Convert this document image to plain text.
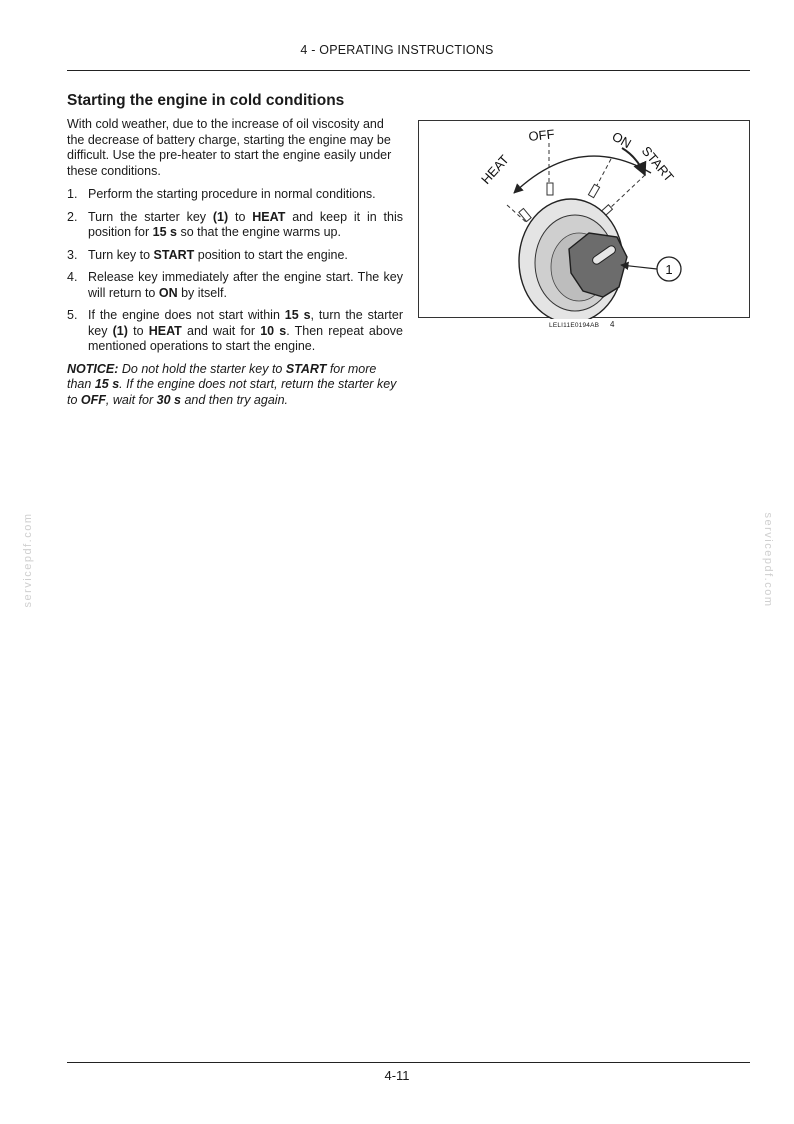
4 - OPERATING INSTRUCTIONS
Starting the engine in cold conditions

With cold weather, due to the increase of oil viscosity and the decrease of battery charge, starting the engine may be difficult. Use the pre-heater to start the engine easily under these conditions.

1. Perform the starting procedure in normal conditions.
2. Turn the starter key (1) to HEAT and keep it in this position for 15 s so that the engine warms up.
3. Turn key to START position to start the engine.
4. Release key immediately after the engine start. The key will return to ON by itself.
5. If the engine does not start within 15 s, turn the starter key (1) to HEAT and wait for 10 s. Then repeat above mentioned operations to start the engine.

NOTICE: Do not hold the starter key to START for more than 15 s. If the engine does not start, return the starter key to OFF, wait for 30 s and then try again.

1
HEAT
OFF	ON
START
LELI11E0194AB 4
servicepdf.com	servicepdf.com
4-11
